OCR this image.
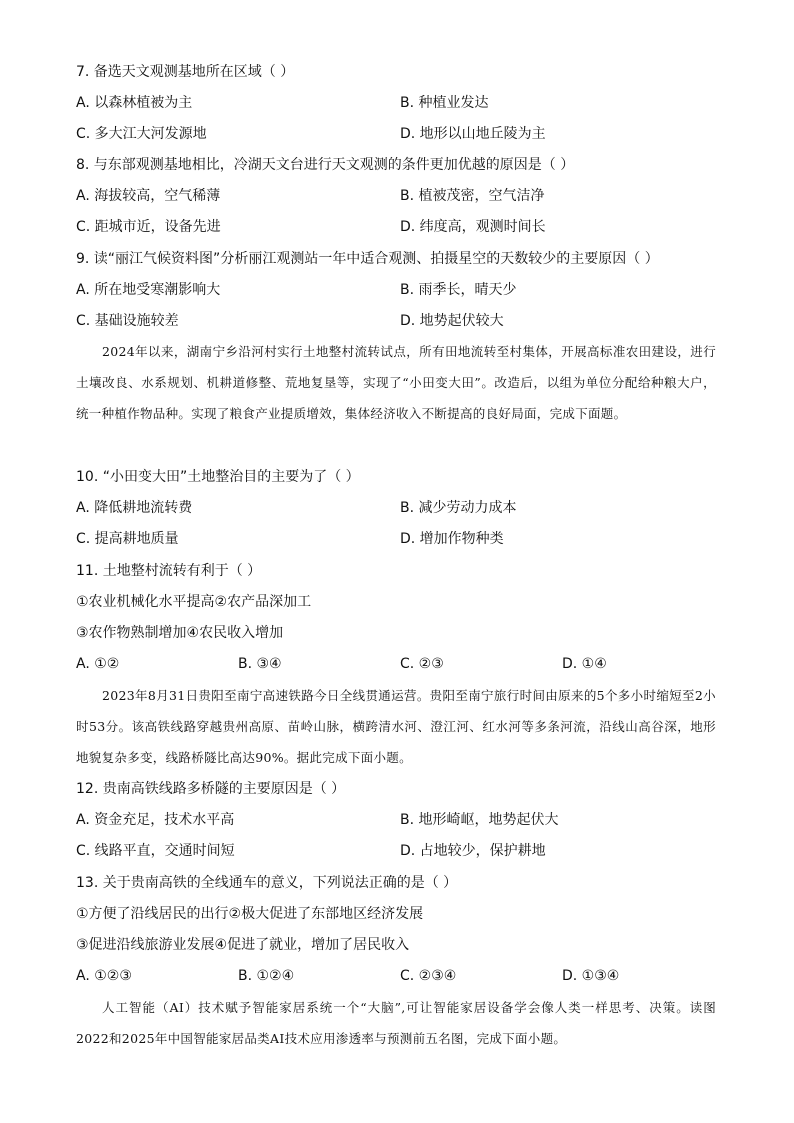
7. 备选天文观测基地所在区域（ ）
A. 以森林植被为主	B. 种植业发达
C. 多大江大河发源地	D. 地形以山地丘陵为主
8. 与东部观测基地相比，冷湖天文台进行天文观测的条件更加优越的原因是（ ）
A. 海拔较高，空气稀薄	B. 植被茂密，空气洁净
C. 距城市近，设备先进	D. 纬度高，观测时间长
9. 读“丽江气候资料图”分析丽江观测站一年中适合观测、拍摄星空的天数较少的主要原因（ ）
A. 所在地受寒潮影响大	B. 雨季长，晴天少
C. 基础设施较差	D. 地势起伏较大

2024年以来，湖南宁乡沿河村实行土地整村流转试点，所有田地流转至村集体，开展高标准农田建设，进行土壤改良、水系规划、机耕道修整、荒地复垦等，实现了“小田变大田”。改造后，以组为单位分配给种粮大户，统一种植作物品种。实现了粮食产业提质增效，集体经济收入不断提高的良好局面，完成下面题。

10. “小田变大田”土地整治目的主要为了（ ）
A. 降低耕地流转费	B. 减少劳动力成本
C. 提高耕地质量	D. 增加作物种类
11. 土地整村流转有利于（ ）
①农业机械化水平提高②农产品深加工
③农作物熟制增加④农民收入增加
A. ①②	B. ③④	C. ②③	D. ①④

2023年8月31日贵阳至南宁高速铁路今日全线贯通运营。贵阳至南宁旅行时间由原来的5个多小时缩短至2小时53分。该高铁线路穿越贵州高原、苗岭山脉，横跨清水河、澄江河、红水河等多条河流，沿线山高谷深，地形地貌复杂多变，线路桥隧比高达90%。据此完成下面小题。

12. 贵南高铁线路多桥隧的主要原因是（ ）
A. 资金充足，技术水平高	B. 地形崎岖，地势起伏大
C. 线路平直，交通时间短	D. 占地较少，保护耕地
13. 关于贵南高铁的全线通车的意义，下列说法正确的是（ ）
①方便了沿线居民的出行②极大促进了东部地区经济发展
③促进沿线旅游业发展④促进了就业，增加了居民收入
A. ①②③	B. ①②④	C. ②③④	D. ①③④

人工智能（AI）技术赋予智能家居系统一个“大脑”,可让智能家居设备学会像人类一样思考、决策。读图2022和2025年中国智能家居品类AI技术应用渗透率与预测前五名图，完成下面小题。
